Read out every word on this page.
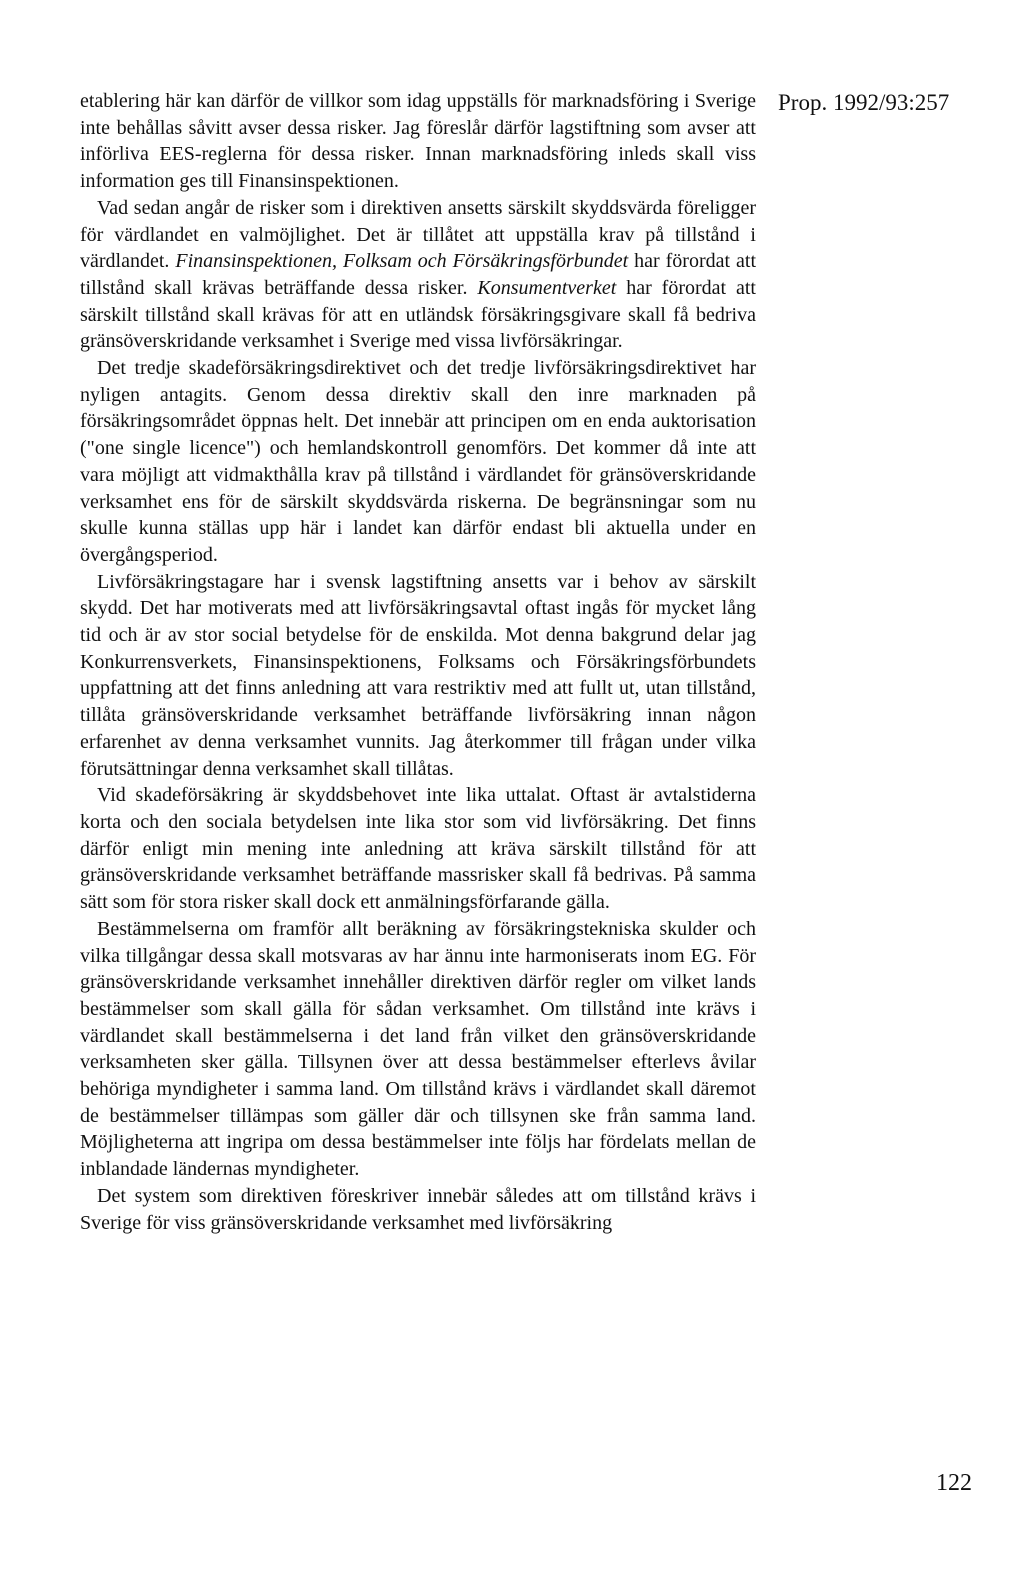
Prop. 1992/93:257

etablering här kan därför de villkor som idag uppställs för marknadsföring i Sverige inte behållas såvitt avser dessa risker. Jag föreslår därför lagstiftning som avser att införliva EES-reglerna för dessa risker. Innan marknadsföring inleds skall viss information ges till Finansinspektionen.

Vad sedan angår de risker som i direktiven ansetts särskilt skyddsvärda föreligger för värdlandet en valmöjlighet. Det är tillåtet att uppställa krav på tillstånd i värdlandet. Finansinspektionen, Folksam och Försäkringsförbundet har förordat att tillstånd skall krävas beträffande dessa risker. Konsumentverket har förordat att särskilt tillstånd skall krävas för att en utländsk försäkringsgivare skall få bedriva gränsöverskridande verksamhet i Sverige med vissa livförsäkringar.

Det tredje skadeförsäkringsdirektivet och det tredje livförsäkringsdirektivet har nyligen antagits. Genom dessa direktiv skall den inre marknaden på försäkringsområdet öppnas helt. Det innebär att principen om en enda auktorisation ("one single licence") och hemlandskontroll genomförs. Det kommer då inte att vara möjligt att vidmakthålla krav på tillstånd i värdlandet för gränsöverskridande verksamhet ens för de särskilt skyddsvärda riskerna. De begränsningar som nu skulle kunna ställas upp här i landet kan därför endast bli aktuella under en övergångsperiod.

Livförsäkringstagare har i svensk lagstiftning ansetts var i behov av särskilt skydd. Det har motiverats med att livförsäkringsavtal oftast ingås för mycket lång tid och är av stor social betydelse för de enskilda. Mot denna bakgrund delar jag Konkurrensverkets, Finansinspektionens, Folksams och Försäkringsförbundets uppfattning att det finns anledning att vara restriktiv med att fullt ut, utan tillstånd, tillåta gränsöverskridande verksamhet beträffande livförsäkring innan någon erfarenhet av denna verksamhet vunnits. Jag återkommer till frågan under vilka förutsättningar denna verksamhet skall tillåtas.

Vid skadeförsäkring är skyddsbehovet inte lika uttalat. Oftast är avtalstiderna korta och den sociala betydelsen inte lika stor som vid livförsäkring. Det finns därför enligt min mening inte anledning att kräva särskilt tillstånd för att gränsöverskridande verksamhet beträffande massrisker skall få bedrivas. På samma sätt som för stora risker skall dock ett anmälningsförfarande gälla.

Bestämmelserna om framför allt beräkning av försäkringstekniska skulder och vilka tillgångar dessa skall motsvaras av har ännu inte harmoniserats inom EG. För gränsöverskridande verksamhet innehåller direktiven därför regler om vilket lands bestämmelser som skall gälla för sådan verksamhet. Om tillstånd inte krävs i värdlandet skall bestämmelserna i det land från vilket den gränsöverskridande verksamheten sker gälla. Tillsynen över att dessa bestämmelser efterlevs åvilar behöriga myndigheter i samma land. Om tillstånd krävs i värdlandet skall däremot de bestämmelser tillämpas som gäller där och tillsynen ske från samma land. Möjligheterna att ingripa om dessa bestämmelser inte följs har fördelats mellan de inblandade ländernas myndigheter.

Det system som direktiven föreskriver innebär således att om tillstånd krävs i Sverige för viss gränsöverskridande verksamhet med livförsäkring

122
